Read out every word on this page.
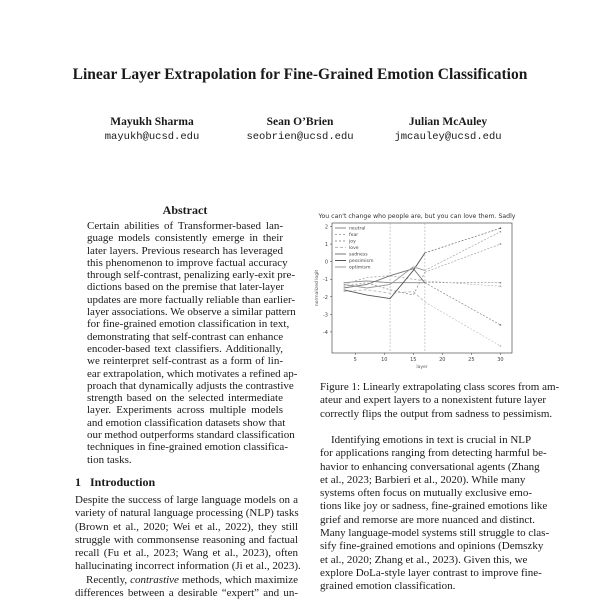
Linear Layer Extrapolation for Fine-Grained Emotion Classification
Mayukh Sharma
mayukh@ucsd.edu
Sean O’Brien
seobrien@ucsd.edu
Julian McAuley
jmcauley@ucsd.edu
Abstract
Certain abilities of Transformer-based lan-
guage models consistently emerge in their
later layers. Previous research has leveraged
this phenomenon to improve factual accuracy
through self-contrast, penalizing early-exit pre-
dictions based on the premise that later-layer
updates are more factually reliable than earlier-
layer associations. We observe a similar pattern
for fine-grained emotion classification in text,
demonstrating that self-contrast can enhance
encoder-based text classifiers. Additionally,
we reinterpret self-contrast as a form of lin-
ear extrapolation, which motivates a refined ap-
proach that dynamically adjusts the contrastive
strength based on the selected intermediate
layer. Experiments across multiple models
and emotion classification datasets show that
our method outperforms standard classification
techniques in fine-grained emotion classifica-
tion tasks.
1 Introduction
Despite the success of large language models on a
variety of natural language processing (NLP) tasks
(Brown et al., 2020; Wei et al., 2022), they still
struggle with commonsense reasoning and factual
recall (Fu et al., 2023; Wang et al., 2023), often
hallucinating incorrect information (Ji et al., 2023).
Recently, contrastive methods, which maximize
differences between a desirable “expert” and un-
You can't change who people are, but you can love them. Sadly
5	10	15	20	25	30
2
1
0
-1
-2
-3
-4
layer
normalized logit
neutral
fear
joy
love
sadness
pessimism
optimism
Figure 1: Linearly extrapolating class scores from am-
ateur and expert layers to a nonexistent future layer
correctly flips the output from sadness to pessimism.
Identifying emotions in text is crucial in NLP
for applications ranging from detecting harmful be-
havior to enhancing conversational agents (Zhang
et al., 2023; Barbieri et al., 2020). While many
systems often focus on mutually exclusive emo-
tions like joy or sadness, fine-grained emotions like
grief and remorse are more nuanced and distinct.
Many language-model systems still struggle to clas-
sify fine-grained emotions and opinions (Demszky
et al., 2020; Zhang et al., 2023). Given this, we
explore DoLa-style layer contrast to improve fine-
grained emotion classification.
